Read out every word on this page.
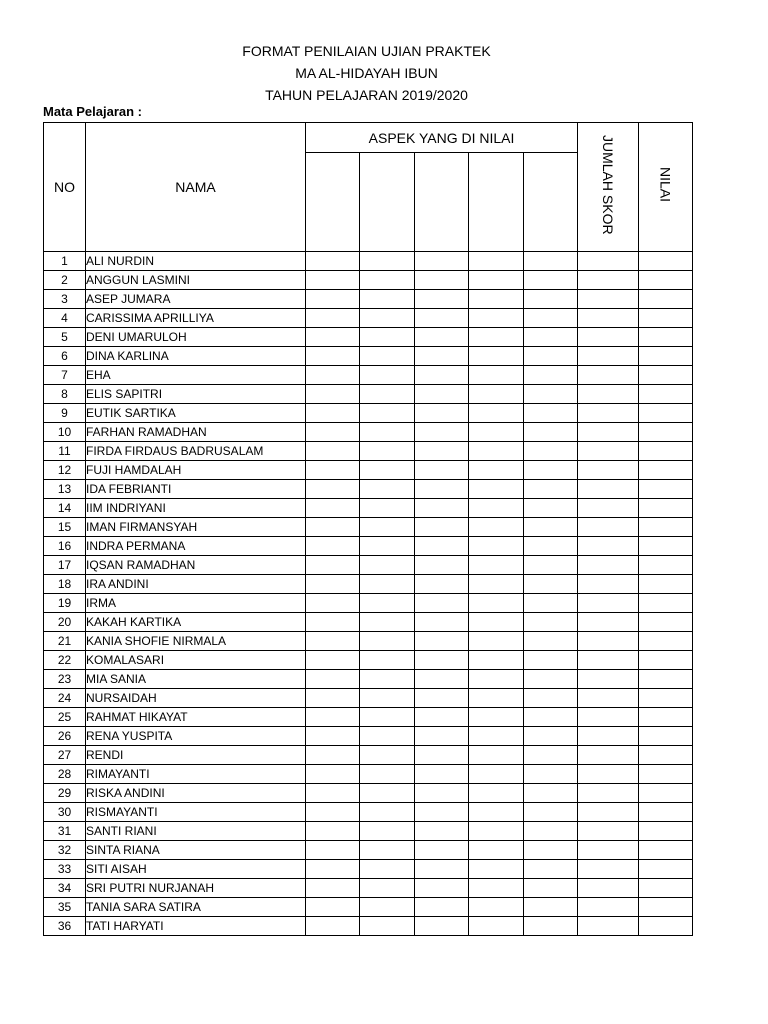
FORMAT PENILAIAN UJIAN PRAKTEK
MA AL-HIDAYAH IBUN
TAHUN PELAJARAN 2019/2020
Mata Pelajaran :
NO	NAMA	ASPEK YANG DI NILAI					JUMLAH SKOR	NILAI

1	ALI NURDIN							
2	ANGGUN LASMINI							
3	ASEP JUMARA							
4	CARISSIMA APRILLIYA							
5	DENI UMARULOH							
6	DINA KARLINA							
7	EHA							
8	ELIS SAPITRI							
9	EUTIK SARTIKA							
10	FARHAN RAMADHAN							
11	FIRDA FIRDAUS BADRUSALAM							
12	FUJI HAMDALAH							
13	IDA FEBRIANTI							
14	IIM INDRIYANI							
15	IMAN FIRMANSYAH							
16	INDRA PERMANA							
17	IQSAN RAMADHAN							
18	IRA ANDINI							
19	IRMA							
20	KAKAH KARTIKA							
21	KANIA SHOFIE NIRMALA							
22	KOMALASARI							
23	MIA SANIA							
24	NURSAIDAH							
25	RAHMAT HIKAYAT							
26	RENA YUSPITA							
27	RENDI							
28	RIMAYANTI							
29	RISKA ANDINI							
30	RISMAYANTI							
31	SANTI RIANI							
32	SINTA RIANA							
33	SITI AISAH							
34	SRI PUTRI NURJANAH							
35	TANIA SARA SATIRA							
36	TATI HARYATI							
